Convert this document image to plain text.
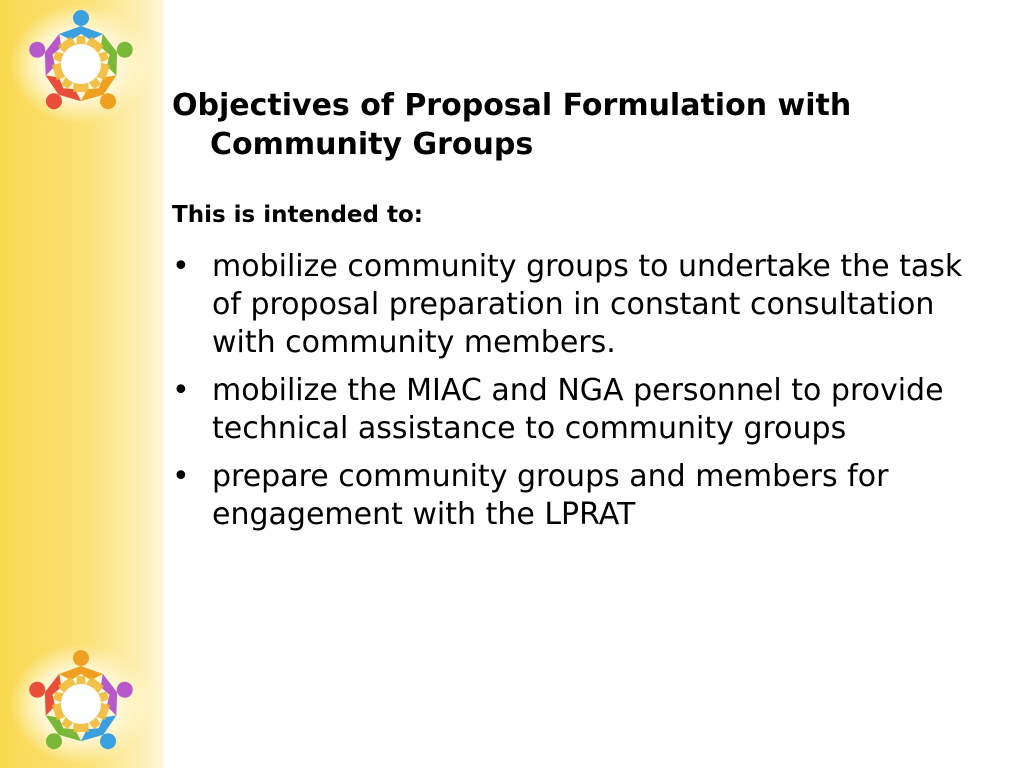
Objectives of Proposal Formulation with Community Groups

This is intended to:

• mobilize community groups to undertake the task of proposal preparation in constant consultation with community members.
• mobilize the MIAC and NGA personnel to provide technical assistance to community groups
• prepare community groups and members for engagement with the LPRAT
